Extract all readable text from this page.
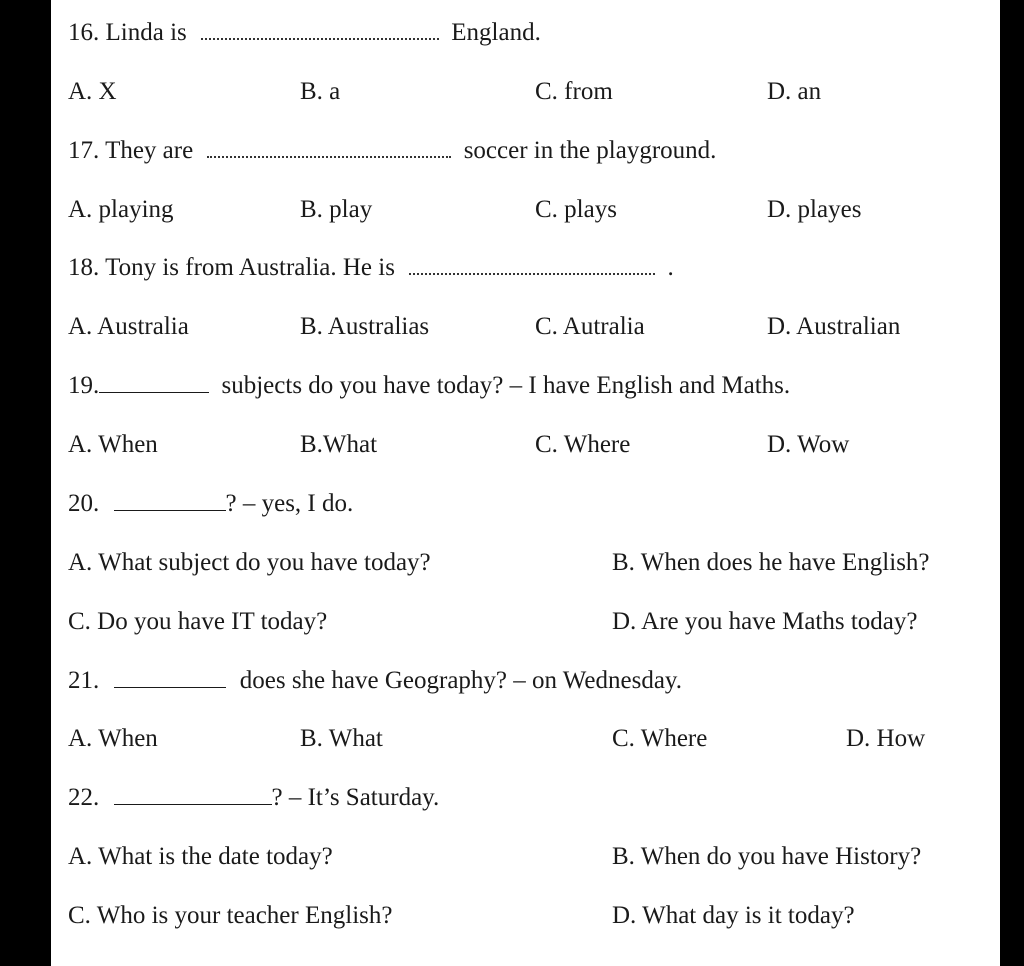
16. Linda is	England.
A. X	B. a	C. from	D. an
17. They are	soccer in the playground.
A. playing	B. play	C. plays	D. playes
18. Tony is from Australia. He is	.
A. Australia	B. Australias	C. Autralia	D. Australian
19.	subjects do you have today? – I have English and Maths.
A. When	B.What	C. Where	D. Wow
20.	? – yes, I do.
A. What subject do you have today?	B. When does he have English?
C. Do you have IT today?	D. Are you have Maths today?
21.	does she have Geography? – on Wednesday.
A. When	B. What	C. Where	D. How
22.	? – It’s Saturday.
A. What is the date today?	B. When do you have History?
C. Who is your teacher English?	D. What day is it today?
